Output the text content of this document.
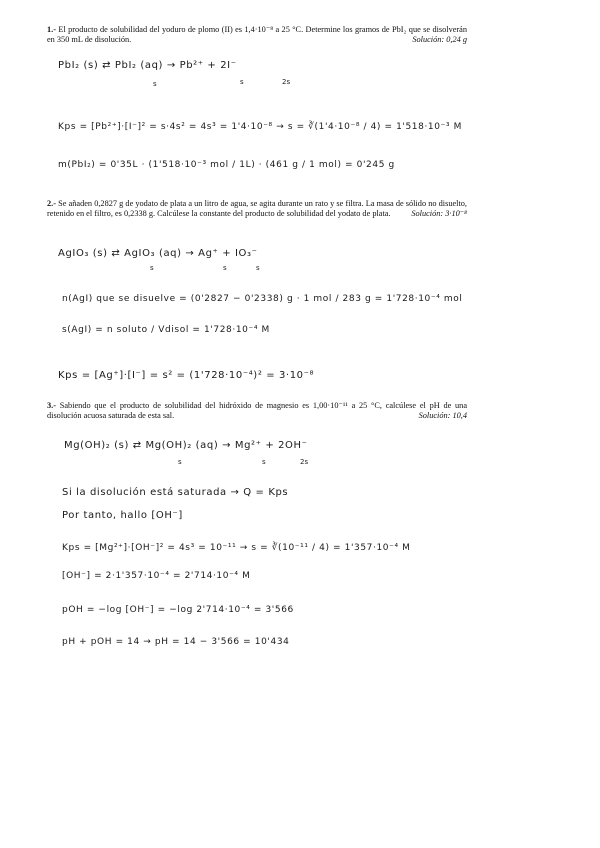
1.- El producto de solubilidad del yoduro de plomo (II) es 1,4·10⁻⁸ a 25 °C. Determine los gramos de PbI₂ que se disolverán en 350 mL de disolución.	Solución: 0,24 g
PbI₂ (s) ⇄ PbI₂ (aq) → Pb²⁺ + 2I⁻
s	s	2s
Kps = [Pb²⁺]·[I⁻]² = s·4s² = 4s³ = 1'4·10⁻⁸ → s = ∛(1'4·10⁻⁸ / 4) = 1'518·10⁻³ M
m(PbI₂) = 0'35L · (1'518·10⁻³ mol / 1L) · (461 g / 1 mol) = 0'245 g
2.- Se añaden 0,2827 g de yodato de plata a un litro de agua, se agita durante un rato y se filtra. La masa de sólido no disuelto, retenido en el filtro, es 0,2338 g. Calcúlese la constante del producto de solubilidad del yodato de plata.	Solución: 3·10⁻⁸
AgIO₃ (s) ⇄ AgIO₃ (aq) → Ag⁺ + IO₃⁻
s	s	s
n(AgI) que se disuelve = (0'2827 − 0'2338) g · 1 mol / 283 g = 1'728·10⁻⁴ mol
s(AgI) = n soluto / Vdisol = 1'728·10⁻⁴ M
Kps = [Ag⁺]·[I⁻] = s² = (1'728·10⁻⁴)² = 3·10⁻⁸
3.- Sabiendo que el producto de solubilidad del hidróxido de magnesio es 1,00·10⁻¹¹ a 25 °C, calcúlese el pH de una disolución acuosa saturada de esta sal.	Solución: 10,4
Mg(OH)₂ (s) ⇄ Mg(OH)₂ (aq) → Mg²⁺ + 2OH⁻
s	s	2s
Si la disolución está saturada → Q = Kps
Por tanto, hallo [OH⁻]
Kps = [Mg²⁺]·[OH⁻]² = 4s³ = 10⁻¹¹ → s = ∛(10⁻¹¹ / 4) = 1'357·10⁻⁴ M
[OH⁻] = 2·1'357·10⁻⁴ = 2'714·10⁻⁴ M
pOH = −log [OH⁻] = −log 2'714·10⁻⁴ = 3'566
pH + pOH = 14 → pH = 14 − 3'566 = 10'434
